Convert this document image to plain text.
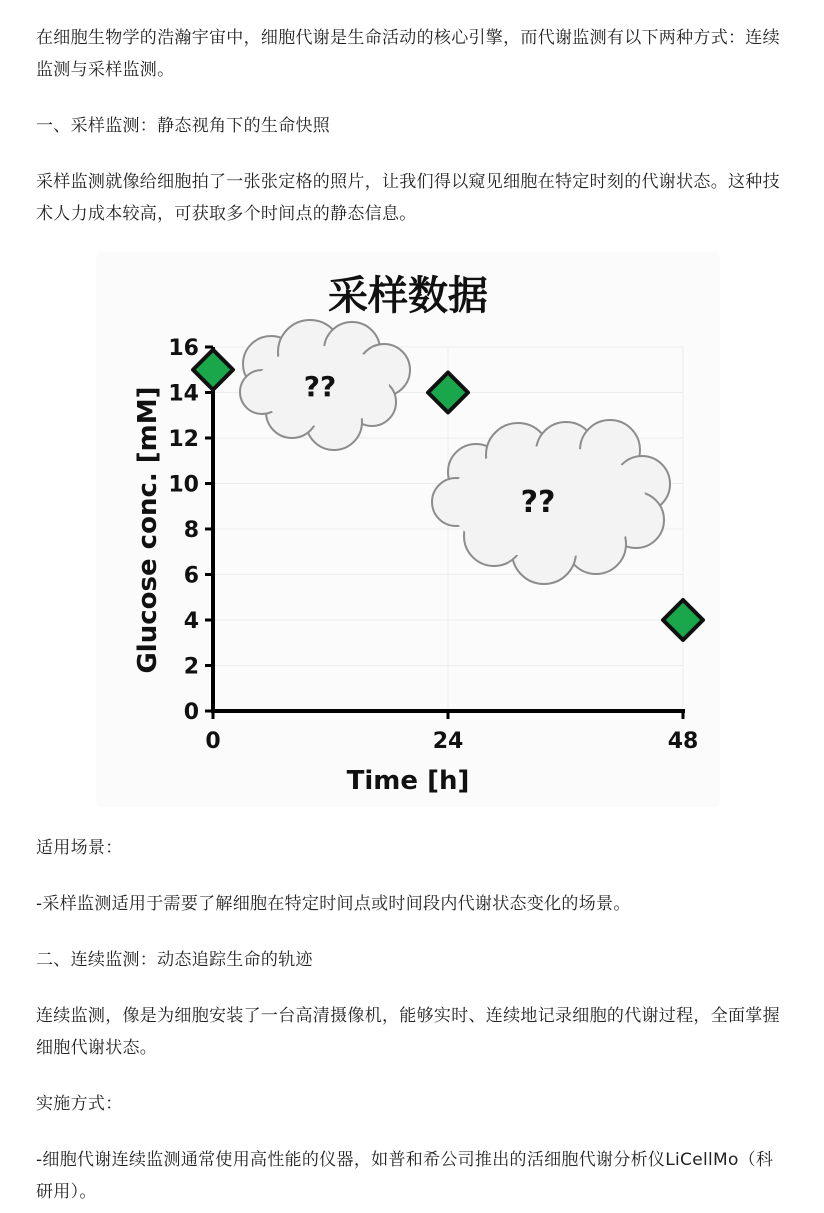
在细胞生物学的浩瀚宇宙中，细胞代谢是生命活动的核心引擎，而代谢监测有以下两种方式：连续监测与采样监测。

一、采样监测：静态视角下的生命快照

采样监测就像给细胞拍了一张张定格的照片，让我们得以窥见细胞在特定时刻的代谢状态。这种技术人力成本较高，可获取多个时间点的静态信息。

0
2
4
6
8
10
12
14
16
0	24	48
采样数据
Time [h]
Glucose conc. [mM]	??
??

适用场景：

-采样监测适用于需要了解细胞在特定时间点或时间段内代谢状态变化的场景。

二、连续监测：动态追踪生命的轨迹

连续监测，像是为细胞安装了一台高清摄像机，能够实时、连续地记录细胞的代谢过程，全面掌握细胞代谢状态。

实施方式：

-细胞代谢连续监测通常使用高性能的仪器，如普和希公司推出的活细胞代谢分析仪LiCellMo（科研用）。
